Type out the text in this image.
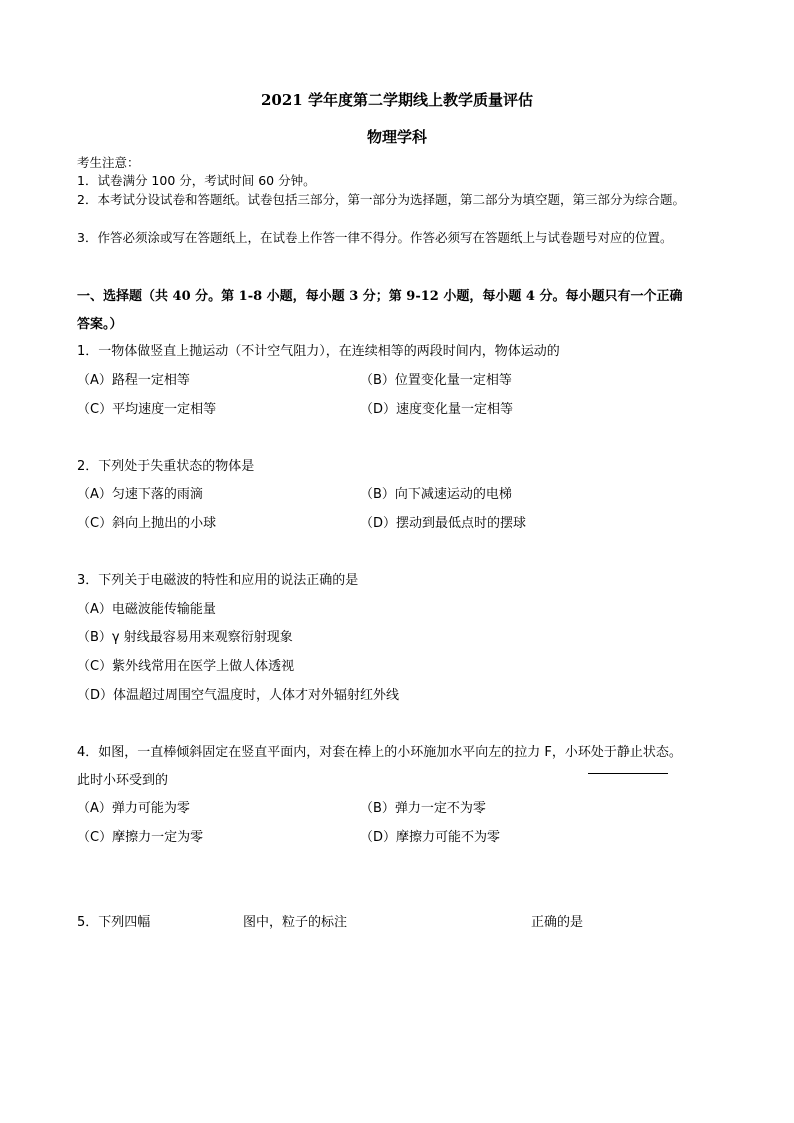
2021 学年度第二学期线上教学质量评估
物理学科
考生注意：
1．试卷满分 100 分，考试时间 60 分钟。
2．本考试分设试卷和答题纸。试卷包括三部分，第一部分为选择题，第二部分为填空题，第三部分为综合题。
3．作答必须涂或写在答题纸上，在试卷上作答一律不得分。作答必须写在答题纸上与试卷题号对应的位置。
一、选择题（共 40 分。第 1-8 小题，每小题 3 分；第 9-12 小题，每小题 4 分。每小题只有一个正确
答案。）
1．一物体做竖直上抛运动（不计空气阻力），在连续相等的两段时间内，物体运动的
（A）路程一定相等	（B）位置变化量一定相等
（C）平均速度一定相等	（D）速度变化量一定相等
2．下列处于失重状态的物体是
（A）匀速下落的雨滴	（B）向下减速运动的电梯
（C）斜向上抛出的小球	（D）摆动到最低点时的摆球
3．下列关于电磁波的特性和应用的说法正确的是
（A）电磁波能传输能量
（B）γ 射线最容易用来观察衍射现象
（C）紫外线常用在医学上做人体透视
（D）体温超过周围空气温度时，人体才对外辐射红外线
4．如图，一直棒倾斜固定在竖直平面内，对套在棒上的小环施加水平向左的拉力 F，小环处于静止状态。
此时小环受到的
（A）弹力可能为零	（B）弹力一定不为零
（C）摩擦力一定为零	（D）摩擦力可能不为零
5．下列四幅	图中，粒子的标注	正确的是
